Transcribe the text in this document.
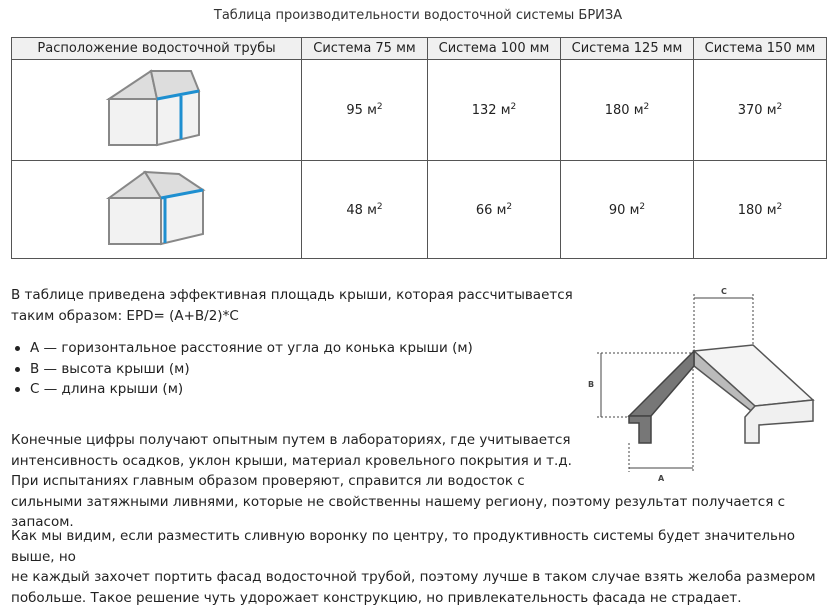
Таблица производительности водосточной системы БРИЗА
Расположение водосточной трубы	Система 75 мм	Система 100 мм	Система 125 мм	Система 150 мм

	95 $м^2$	132 $м^2$	180 $м^2$	370 $м^2$

	48 $м^2$	66 $м^2$	90 $м^2$	180 $м^2$
В таблице приведена эффективная площадь крыши, которая рассчитывается
таким образом: EPD= (A+B/2)*C
A — горизонтальное расстояние от угла до конька крыши (м)
B — высота крыши (м)
C — длина крыши (м)
Конечные цифры получают опытным путем в лабораториях, где учитывается
интенсивность осадков, уклон крыши, материал кровельного покрытия и т.д.
При испытаниях главным образом проверяют, справится ли водосток с
сильными затяжными ливнями, которые не свойственны нашему региону, поэтому результат получается с запасом.
Как мы видим, если разместить сливную воронку по центру, то продуктивность системы будет значительно выше, но
не каждый захочет портить фасад водосточной трубой, поэтому лучше в таком случае взять желоба размером
побольше. Такое решение чуть удорожает конструкцию, но привлекательность фасада не страдает.
C
B
A
